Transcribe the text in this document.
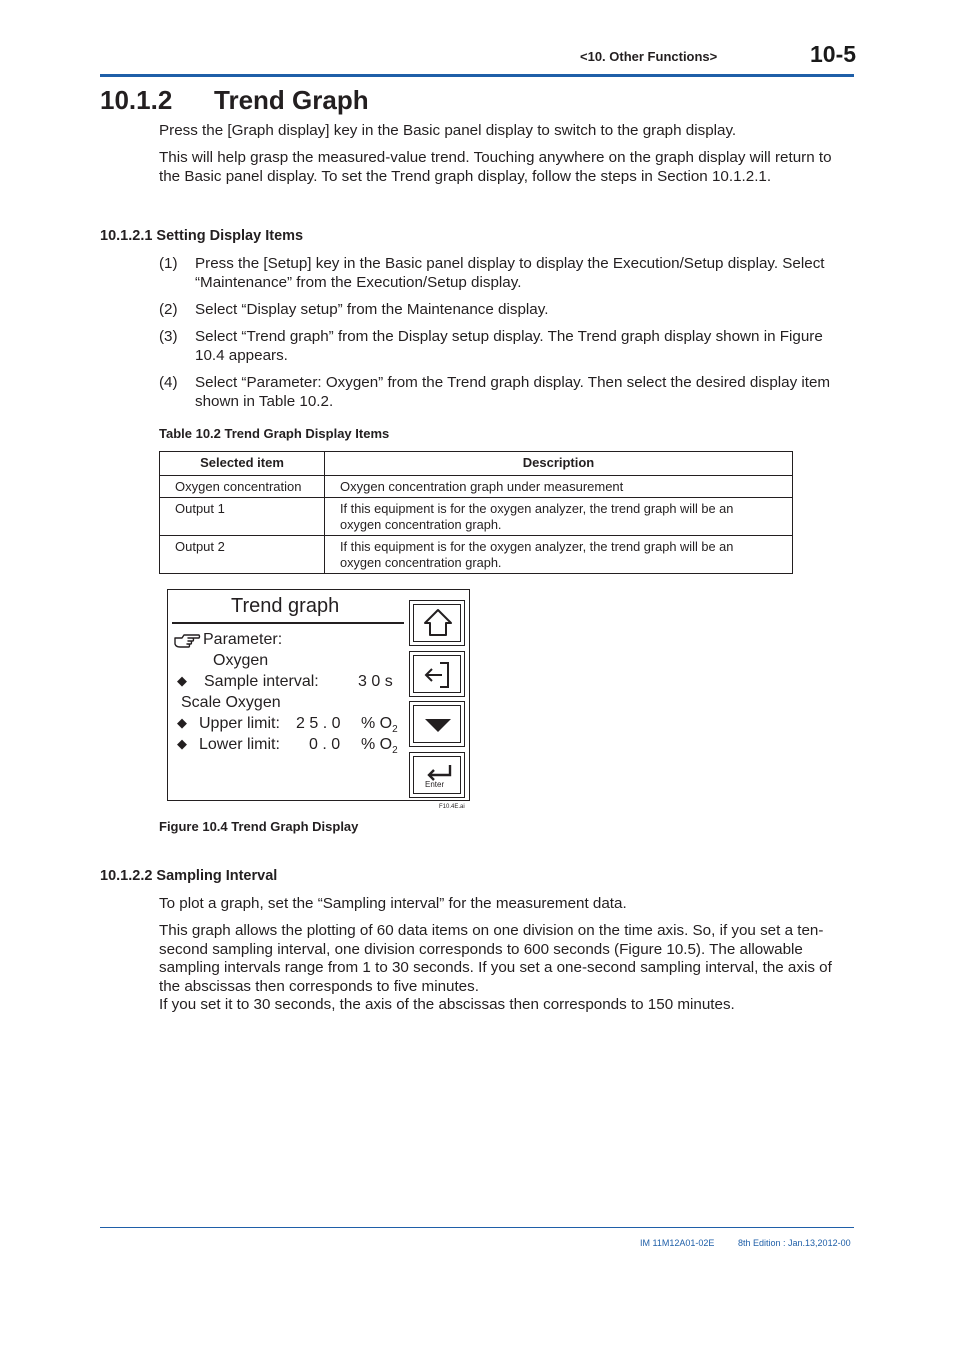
<10. Other Functions>	10-5
10.1.2 Trend Graph
Press the [Graph display] key in the Basic panel display to switch to the graph display.
This will help grasp the measured-value trend. Touching anywhere on the graph display will return to the Basic panel display. To set the Trend graph display, follow the steps in Section 10.1.2.1.
10.1.2.1 Setting Display Items
(1) Press the [Setup] key in the Basic panel display to display the Execution/Setup display. Select “Maintenance” from the Execution/Setup display.
(2) Select “Display setup” from the Maintenance display.
(3) Select “Trend graph” from the Display setup display. The Trend graph display shown in Figure 10.4 appears.
(4) Select “Parameter: Oxygen” from the Trend graph display. Then select the desired display item shown in Table 10.2.
Table 10.2 Trend Graph Display Items
Selected item	Description
Oxygen concentration	Oxygen concentration graph under measurement
Output 1	If this equipment is for the oxygen analyzer, the trend graph will be an oxygen concentration graph.
Output 2	If this equipment is for the oxygen analyzer, the trend graph will be an oxygen concentration graph.
Trend graph
Parameter:
Oxygen
◆ Sample interval: 3 0 s
Scale Oxygen
◆ Upper limit: 2 5 . 0 % $O_2$
◆ Lower limit: 0 . 0 % $O_2$
Enter
F10.4E.ai
Figure 10.4 Trend Graph Display
10.1.2.2 Sampling Interval
To plot a graph, set the “Sampling interval” for the measurement data.
This graph allows the plotting of 60 data items on one division on the time axis. So, if you set a ten-second sampling interval, one division corresponds to 600 seconds (Figure 10.5). The allowable sampling intervals range from 1 to 30 seconds. If you set a one-second sampling interval, the axis of the abscissas then corresponds to five minutes.
If you set it to 30 seconds, the axis of the abscissas then corresponds to 150 minutes.
IM 11M12A01-02E	8th Edition : Jan.13,2012-00
